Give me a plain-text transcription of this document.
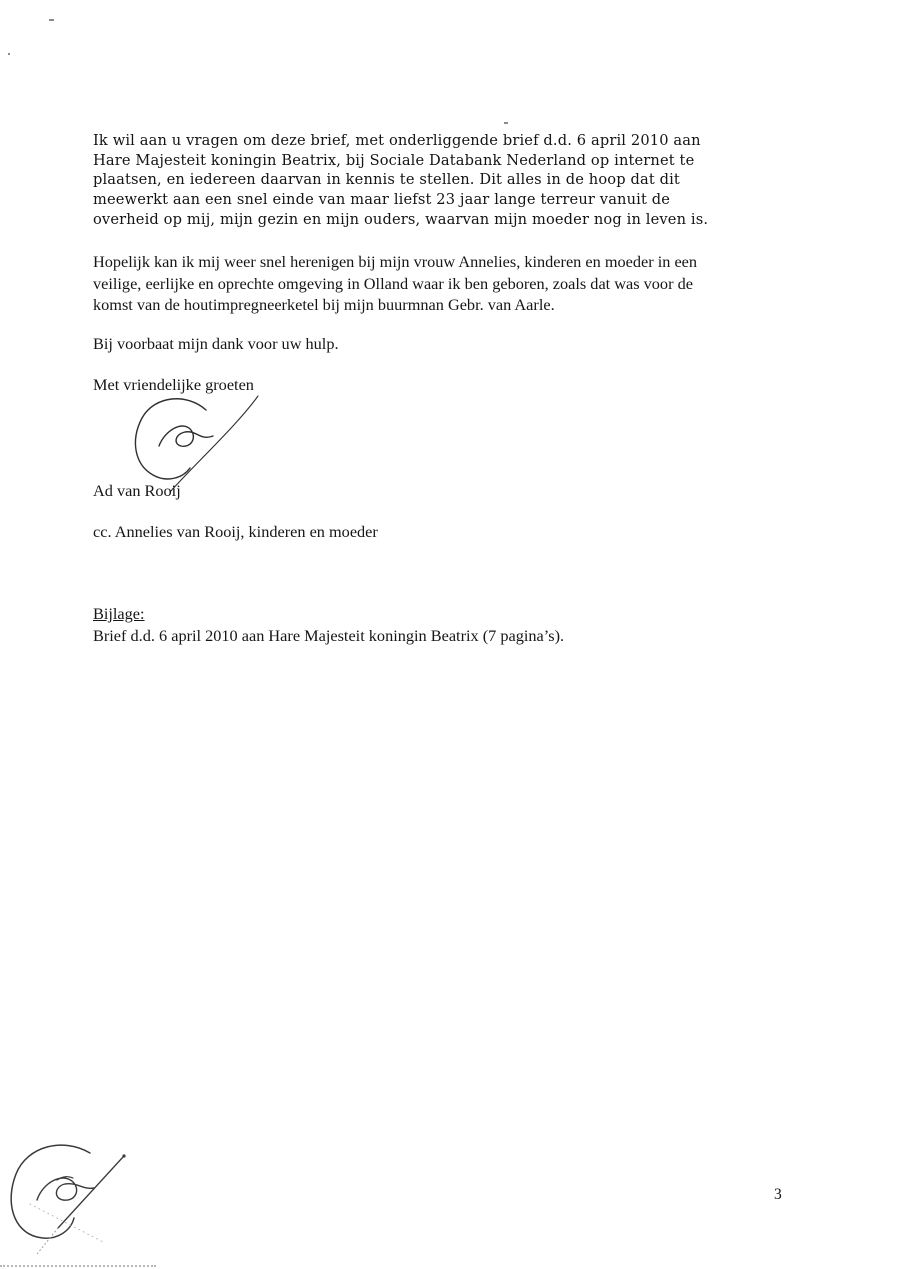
Ik wil aan u vragen om deze brief, met onderliggende brief d.d. 6 april 2010 aan
Hare Majesteit koningin Beatrix, bij Sociale Databank Nederland op internet te
plaatsen, en iedereen daarvan in kennis te stellen. Dit alles in de hoop dat dit
meewerkt aan een snel einde van maar liefst 23 jaar lange terreur vanuit de
overheid op mij, mijn gezin en mijn ouders, waarvan mijn moeder nog in leven is.
Hopelijk kan ik mij weer snel herenigen bij mijn vrouw Annelies, kinderen en moeder in een
veilige, eerlijke en oprechte omgeving in Olland waar ik ben geboren, zoals dat was voor de
komst van de houtimpregneerketel bij mijn buurmnan Gebr. van Aarle.
Bij voorbaat mijn dank voor uw hulp.
Met vriendelijke groeten
Ad van Rooij
cc. Annelies van Rooij, kinderen en moeder
Bijlage:
Brief d.d. 6 april 2010 aan Hare Majesteit koningin Beatrix (7 pagina’s).
3
